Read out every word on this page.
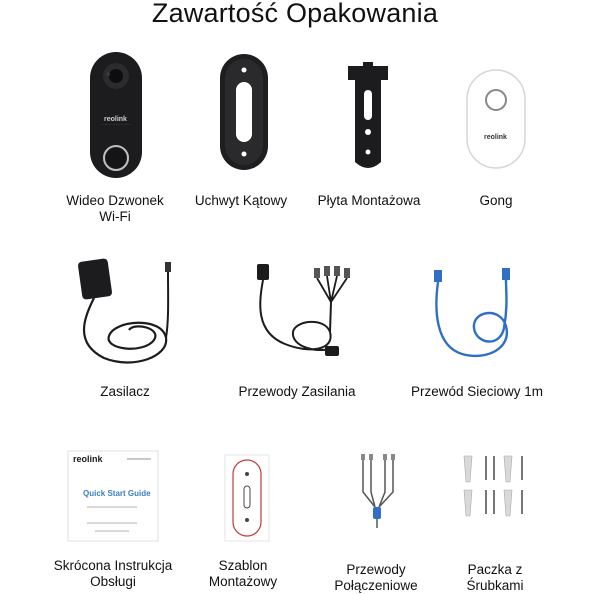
Zawartość Opakowania
reolink
Wideo Dzwonek
Wi-Fi
Uchwyt Kątowy	Płyta Montażowa
reolink
Gong
Zasilacz	Przewody Zasilania	Przewód Sieciowy 1m
reolink
Quick Start Guide
Skrócona Instrukcja
Obsługi
Szablon
Montażowy
Przewody
Połączeniowe
Paczka z
Śrubkami
